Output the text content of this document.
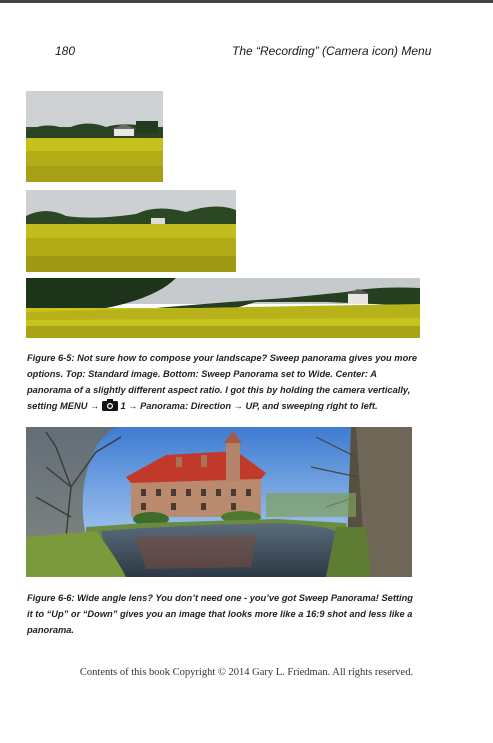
180	The “Recording” (Camera icon) Menu

Figure 6-5: Not sure how to compose your landscape? Sweep panorama gives you more

options. Top: Standard image. Bottom: Sweep Panorama set to Wide. Center: A

panorama of a slightly different aspect ratio. I got this by holding the camera vertically,

setting MENU → 1 → Panorama: Direction → UP, and sweeping right to left.

Figure 6-6: Wide angle lens? You don’t need one - you’ve got Sweep Panorama! Setting

it to “Up” or “Down” gives you an image that looks more like a 16:9 shot and less like a

panorama.

Contents of this book Copyright © 2014 Gary L. Friedman. All rights reserved.
